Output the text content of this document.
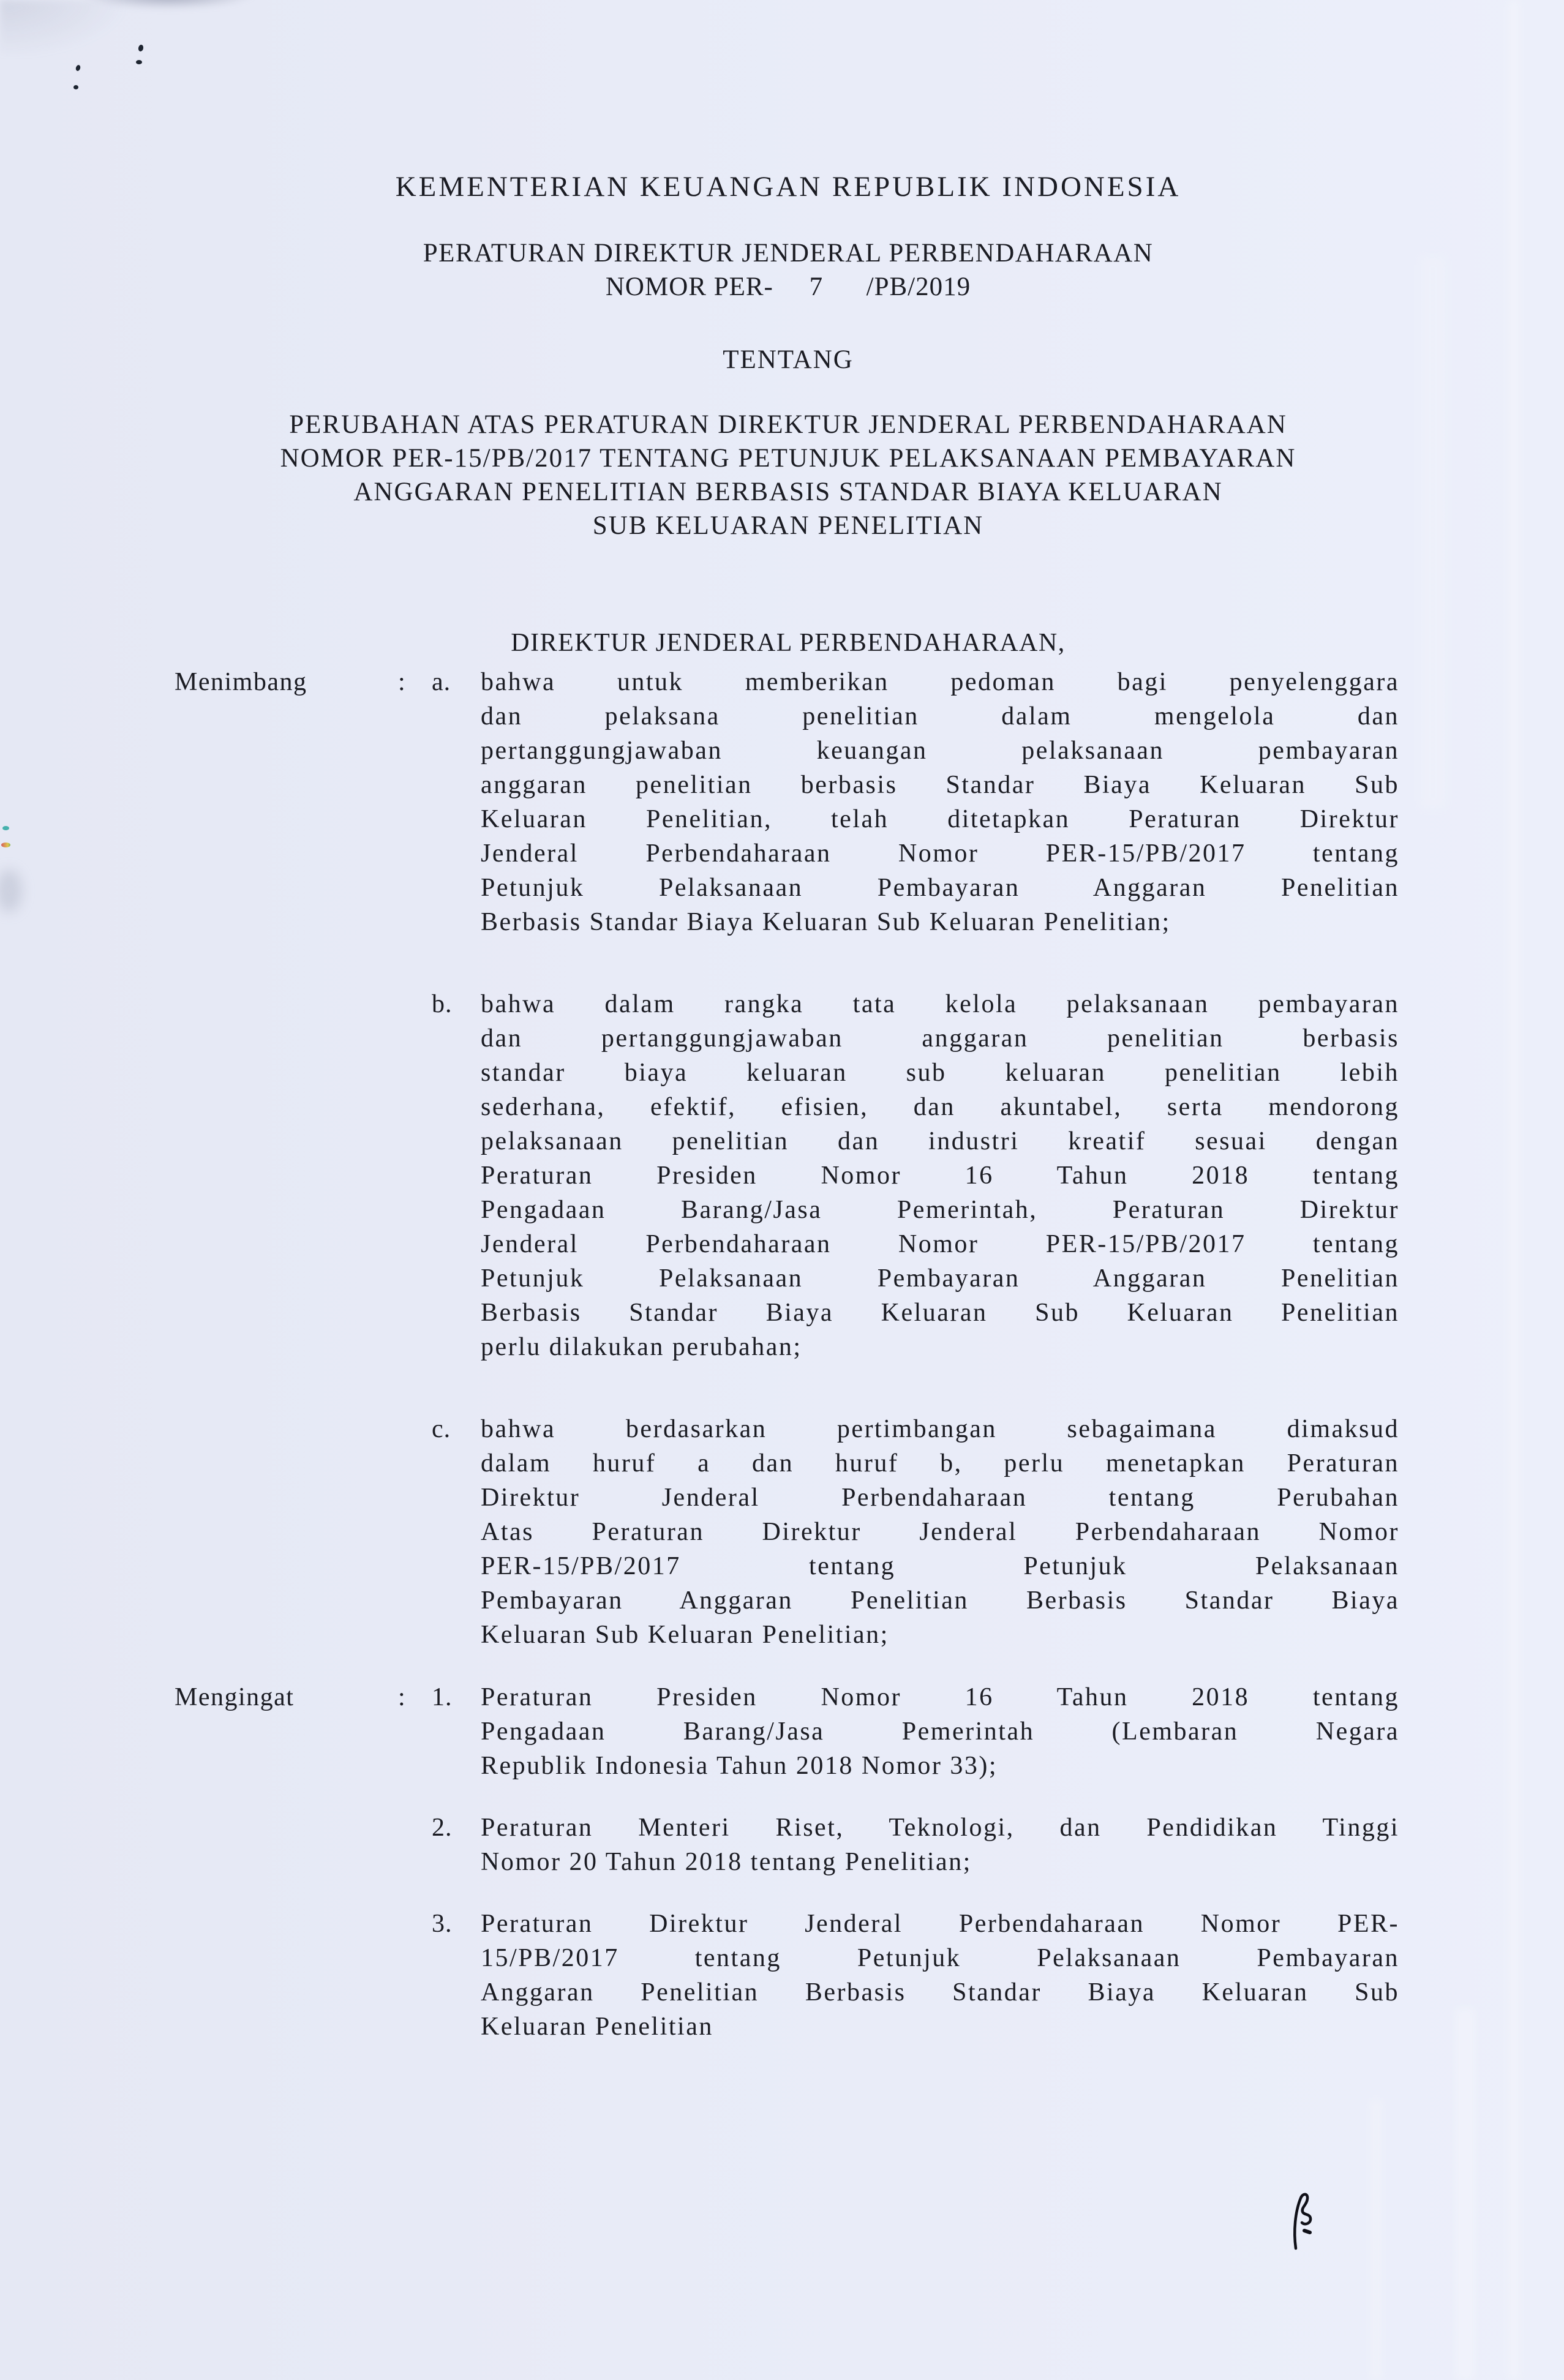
KEMENTERIAN KEUANGAN REPUBLIK INDONESIA
PERATURAN DIREKTUR JENDERAL PERBENDAHARAAN
NOMOR PER-     7      /PB/2019
TENTANG
PERUBAHAN ATAS PERATURAN DIREKTUR JENDERAL PERBENDAHARAAN
NOMOR PER-15/PB/2017 TENTANG PETUNJUK PELAKSANAAN PEMBAYARAN
ANGGARAN PENELITIAN BERBASIS STANDAR BIAYA KELUARAN
SUB KELUARAN PENELITIAN
DIREKTUR JENDERAL PERBENDAHARAAN,
Menimbang	:	a.	bahwa untuk memberikan pedoman bagi penyelenggara
dan pelaksana penelitian dalam mengelola dan
pertanggungjawaban keuangan pelaksanaan pembayaran
anggaran penelitian berbasis Standar Biaya Keluaran Sub
Keluaran Penelitian, telah ditetapkan Peraturan Direktur
Jenderal Perbendaharaan Nomor PER-15/PB/2017 tentang
Petunjuk Pelaksanaan Pembayaran Anggaran Penelitian
Berbasis Standar Biaya Keluaran Sub Keluaran Penelitian;
b.	bahwa dalam rangka tata kelola pelaksanaan pembayaran
dan pertanggungjawaban anggaran penelitian berbasis
standar biaya keluaran sub keluaran penelitian lebih
sederhana, efektif, efisien, dan akuntabel, serta mendorong
pelaksanaan penelitian dan industri kreatif sesuai dengan
Peraturan Presiden Nomor 16 Tahun 2018 tentang
Pengadaan Barang/Jasa Pemerintah, Peraturan Direktur
Jenderal Perbendaharaan Nomor PER-15/PB/2017 tentang
Petunjuk Pelaksanaan Pembayaran Anggaran Penelitian
Berbasis Standar Biaya Keluaran Sub Keluaran Penelitian
perlu dilakukan perubahan;
c.	bahwa berdasarkan pertimbangan sebagaimana dimaksud
dalam huruf a dan huruf b, perlu menetapkan Peraturan
Direktur Jenderal Perbendaharaan tentang Perubahan
Atas Peraturan Direktur Jenderal Perbendaharaan Nomor
PER-15/PB/2017 tentang Petunjuk Pelaksanaan
Pembayaran Anggaran Penelitian Berbasis Standar Biaya
Keluaran Sub Keluaran Penelitian;
Mengingat	:	1.	Peraturan Presiden Nomor 16 Tahun 2018 tentang
Pengadaan Barang/Jasa Pemerintah (Lembaran Negara
Republik Indonesia Tahun 2018 Nomor 33);
2.	Peraturan Menteri Riset, Teknologi, dan Pendidikan Tinggi
Nomor 20 Tahun 2018 tentang Penelitian;
3.	Peraturan Direktur Jenderal Perbendaharaan Nomor PER-
15/PB/2017 tentang Petunjuk Pelaksanaan Pembayaran
Anggaran Penelitian Berbasis Standar Biaya Keluaran Sub
Keluaran Penelitian
